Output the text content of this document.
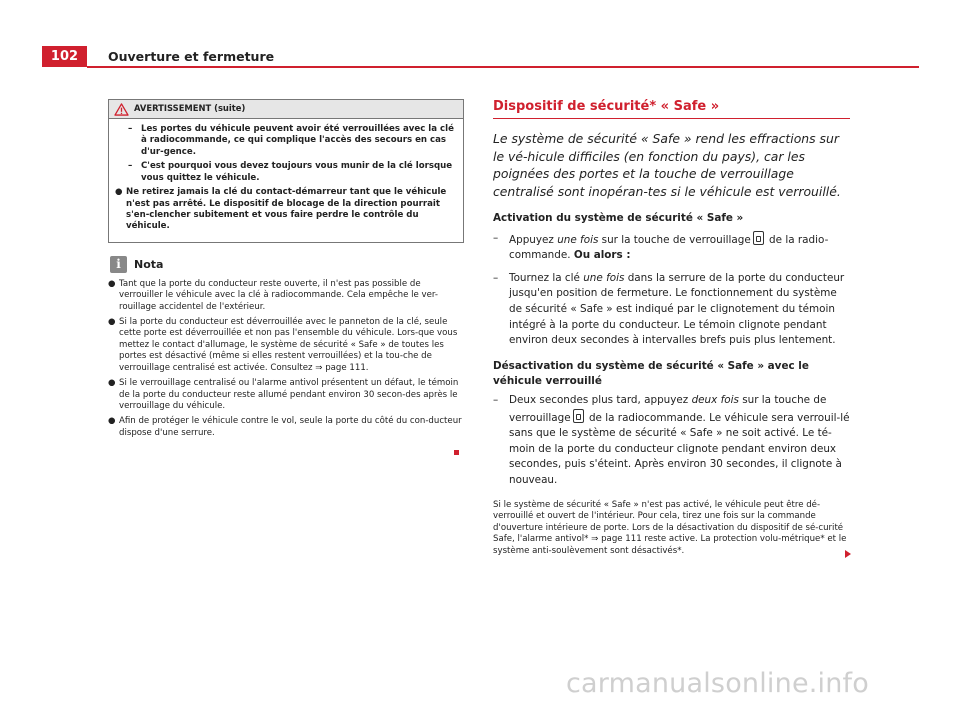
102	Ouverture et fermeture
AVERTISSEMENT (suite)
–	Les portes du véhicule peuvent avoir été verrouillées avec la clé à radiocommande, ce qui complique l'accès des secours en cas d'ur-gence.
–	C'est pourquoi vous devez toujours vous munir de la clé lorsque vous quittez le véhicule.
● Ne retirez jamais la clé du contact-démarreur tant que le véhicule n'est pas arrêté. Le dispositif de blocage de la direction pourrait s'en-clencher subitement et vous faire perdre le contrôle du véhicule.
i	Nota
● Tant que la porte du conducteur reste ouverte, il n'est pas possible de verrouiller le véhicule avec la clé à radiocommande. Cela empêche le ver-rouillage accidentel de l'extérieur.
● Si la porte du conducteur est déverrouillée avec le panneton de la clé, seule cette porte est déverrouillée et non pas l'ensemble du véhicule. Lors-que vous mettez le contact d'allumage, le système de sécurité « Safe » de toutes les portes est désactivé (même si elles restent verrouillées) et la tou-che de verrouillage centralisé est activée. Consultez ⇒ page 111.
● Si le verrouillage centralisé ou l'alarme antivol présentent un défaut, le témoin de la porte du conducteur reste allumé pendant environ 30 secon-des après le verrouillage du véhicule.
● Afin de protéger le véhicule contre le vol, seule la porte du côté du con-ducteur dispose d'une serrure.
Dispositif de sécurité* « Safe »
Le système de sécurité « Safe » rend les effractions sur le vé-hicule difficiles (en fonction du pays), car les poignées des portes et la touche de verrouillage centralisé sont inopéran-tes si le véhicule est verrouillé.
Activation du système de sécurité « Safe »
–	Appuyez une fois sur la touche de verrouillage de la radio-commande. Ou alors :
–	Tournez la clé une fois dans la serrure de la porte du conducteur jusqu'en position de fermeture. Le fonctionnement du système de sécurité « Safe » est indiqué par le clignotement du témoin intégré à la porte du conducteur. Le témoin clignote pendant environ deux secondes à intervalles brefs puis plus lentement.
Désactivation du système de sécurité « Safe » avec le véhicule verrouillé
–	Deux secondes plus tard, appuyez deux fois sur la touche de verrouillage de la radiocommande. Le véhicule sera verrouil-lé sans que le système de sécurité « Safe » ne soit activé. Le té-moin de la porte du conducteur clignote pendant environ deux secondes, puis s'éteint. Après environ 30 secondes, il clignote à nouveau.
Si le système de sécurité « Safe » n'est pas activé, le véhicule peut être dé-verrouillé et ouvert de l'intérieur. Pour cela, tirez une fois sur la commande d'ouverture intérieure de porte. Lors de la désactivation du dispositif de sé-curité Safe, l'alarme antivol* ⇒ page 111 reste active. La protection volu-métrique* et le système anti-soulèvement sont désactivés*.
carmanualsonline.info
